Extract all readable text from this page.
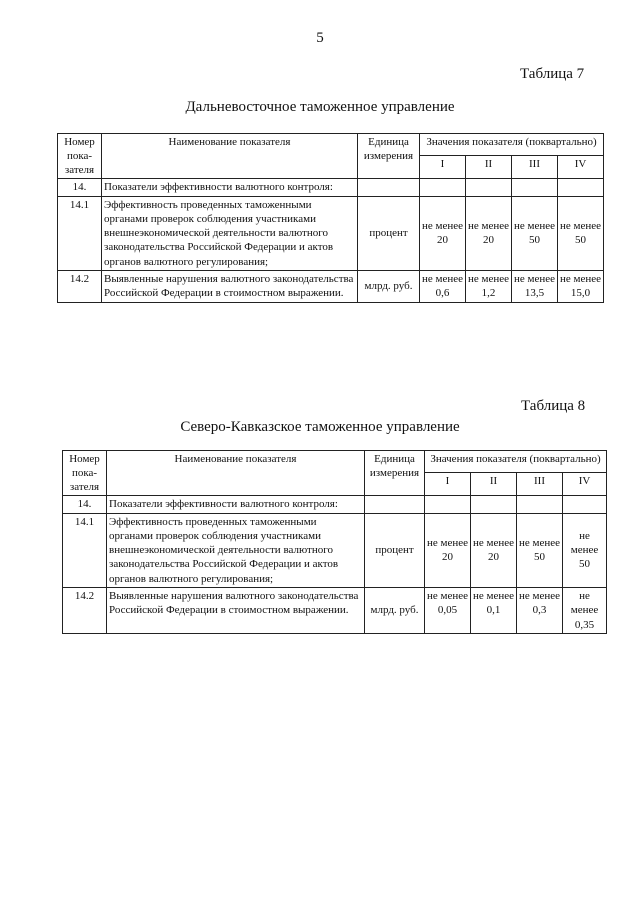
5
Таблица 7
Дальневосточное таможенное управление
Номер пока-зателя	Наименование показателя	Единица измерения	Значения показателя (поквартально)			
			I	II	III	IV
14.	Показатели эффективности валютного контроля:					
14.1	Эффективность проведенных таможенными органами проверок соблюдения участниками внешнеэкономической деятельности валютного законодательства Российской Федерации и актов органов валютного регулирования;	процент	не менее 20	не менее 20	не менее 50	не менее 50
14.2	Выявленные нарушения валютного законодательства Российской Федерации в стоимостном выражении.	млрд. руб.	не менее 0,6	не менее 1,2	не менее 13,5	не менее 15,0
Таблица 8
Северо-Кавказское таможенное управление
Номер пока-зателя	Наименование показателя	Единица измерения	Значения показателя (поквартально)			
			I	II	III	IV
14.	Показатели эффективности валютного контроля:					
14.1	Эффективность проведенных таможенными органами проверок соблюдения участниками внешнеэкономической деятельности валютного законодательства Российской Федерации и актов органов валютного регулирования;	процент	не менее 20	не менее 20	не менее 50	не менее 50
14.2	Выявленные нарушения валютного законодательства Российской Федерации в стоимостном выражении.	млрд. руб.	не менее 0,05	не менее 0,1	не менее 0,3	не менее 0,35
